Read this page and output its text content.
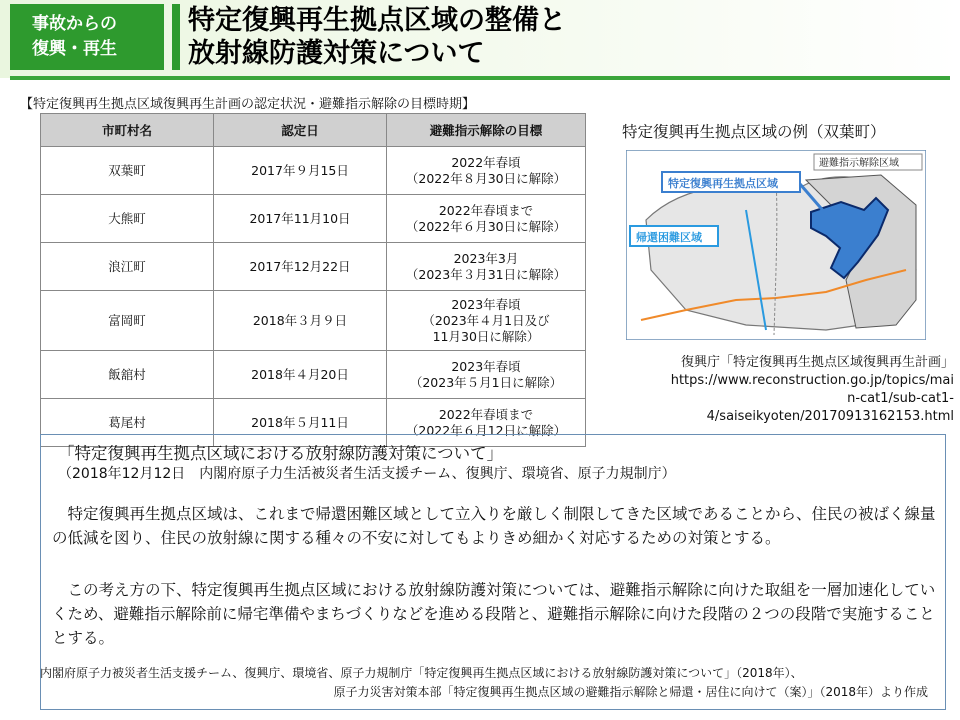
事故からの
復興・再生
特定復興再生拠点区域の整備と
放射線防護対策について
【特定復興再生拠点区域復興再生計画の認定状況・避難指示解除の目標時期】
市町村名	認定日	避難指示解除の目標
双葉町	2017年９月15日	2022年春頃
（2022年８月30日に解除）

大熊町	2017年11月10日	2022年春頃まで
（2022年６月30日に解除）

浪江町	2017年12月22日	2023年3月
（2023年３月31日に解除）

富岡町	2018年３月９日	2023年春頃
（2023年４月1日及び
11月30日に解除）

飯舘村	2018年４月20日	2023年春頃
（2023年５月1日に解除）

葛尾村	2018年５月11日	2022年春頃まで
（2022年６月12日に解除）
特定復興再生拠点区域の例（双葉町）
避難指示解除区域
特定復興再生拠点区域
帰還困難区域
復興庁「特定復興再生拠点区域復興再生計画」
https://www.reconstruction.go.jp/topics/mai
n-cat1/sub-cat1-
4/saiseikyoten/20170913162153.html
「特定復興再生拠点区域における放射線防護対策について」
（2018年12月12日　内閣府原子力生活被災者生活支援チーム、復興庁、環境省、原子力規制庁）
特定復興再生拠点区域は、これまで帰還困難区域として立入りを厳しく制限してきた区域であることから、住民の被ばく線量の低減を図り、住民の放射線に関する種々の不安に対してもよりきめ細かく対応するための対策とする。
この考え方の下、特定復興再生拠点区域における放射線防護対策については、避難指示解除に向けた取組を一層加速化していくため、避難指示解除前に帰宅準備やまちづくりなどを進める段階と、避難指示解除に向けた段階の２つの段階で実施することとする。
内閣府原子力被災者生活支援チーム、復興庁、環境省、原子力規制庁「特定復興再生拠点区域における放射線防護対策について」（2018年）、
原子力災害対策本部「特定復興再生拠点区域の避難指示解除と帰還・居住に向けて（案）」（2018年）より作成
